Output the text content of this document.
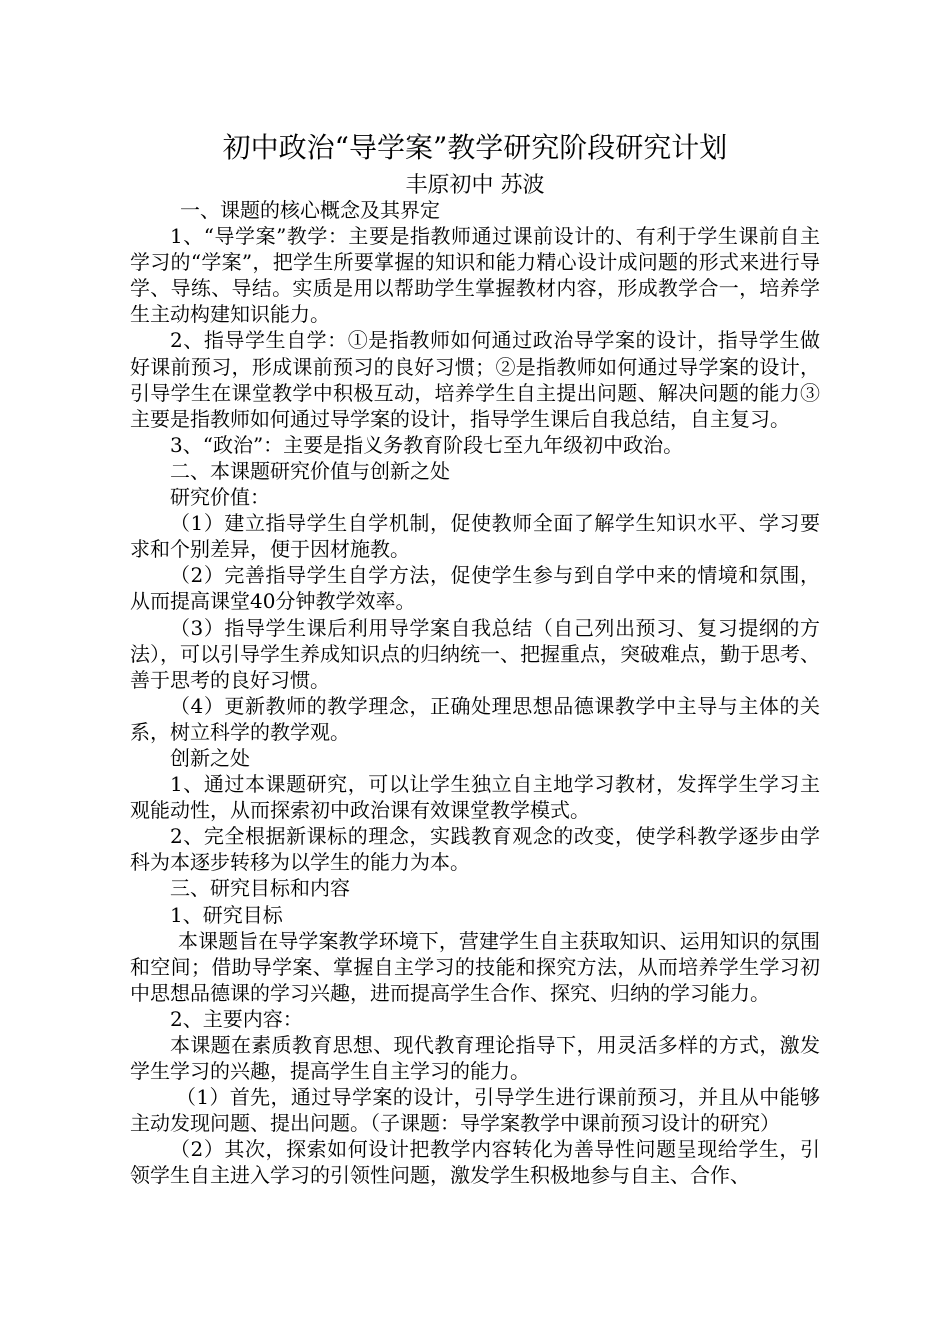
初中政治“导学案”教学研究阶段研究计划
丰原初中 苏波

一、课题的核心概念及其界定

1、“导学案”教学：主要是指教师通过课前设计的、有利于学生课前自主学习的“学案”，把学生所要掌握的知识和能力精心设计成问题的形式来进行导学、导练、导结。实质是用以帮助学生掌握教材内容，形成教学合一，培养学生主动构建知识能力。

2、指导学生自学：①是指教师如何通过政治导学案的设计，指导学生做好课前预习，形成课前预习的良好习惯；②是指教师如何通过导学案的设计，引导学生在课堂教学中积极互动，培养学生自主提出问题、解决问题的能力③主要是指教师如何通过导学案的设计，指导学生课后自我总结，自主复习。

3、“政治”：主要是指义务教育阶段七至九年级初中政治。

二、本课题研究价值与创新之处

研究价值：

（1）建立指导学生自学机制，促使教师全面了解学生知识水平、学习要求和个别差异，便于因材施教。

（2）完善指导学生自学方法，促使学生参与到自学中来的情境和氛围，从而提高课堂40分钟教学效率。

（3）指导学生课后利用导学案自我总结（自己列出预习、复习提纲的方法），可以引导学生养成知识点的归纳统一、把握重点，突破难点，勤于思考、善于思考的良好习惯。

（4）更新教师的教学理念，正确处理思想品德课教学中主导与主体的关系，树立科学的教学观。

创新之处

1、通过本课题研究，可以让学生独立自主地学习教材，发挥学生学习主观能动性，从而探索初中政治课有效课堂教学模式。

2、完全根据新课标的理念，实践教育观念的改变，使学科教学逐步由学科为本逐步转移为以学生的能力为本。

三、研究目标和内容

1、研究目标

本课题旨在导学案教学环境下，营建学生自主获取知识、运用知识的氛围和空间；借助导学案、掌握自主学习的技能和探究方法，从而培养学生学习初中思想品德课的学习兴趣，进而提高学生合作、探究、归纳的学习能力。

2、主要内容：

本课题在素质教育思想、现代教育理论指导下，用灵活多样的方式，激发学生学习的兴趣，提高学生自主学习的能力。

（1）首先，通过导学案的设计，引导学生进行课前预习，并且从中能够主动发现问题、提出问题。（子课题：导学案教学中课前预习设计的研究）

（2）其次，探索如何设计把教学内容转化为善导性问题呈现给学生，引领学生自主进入学习的引领性问题，激发学生积极地参与自主、合作、
